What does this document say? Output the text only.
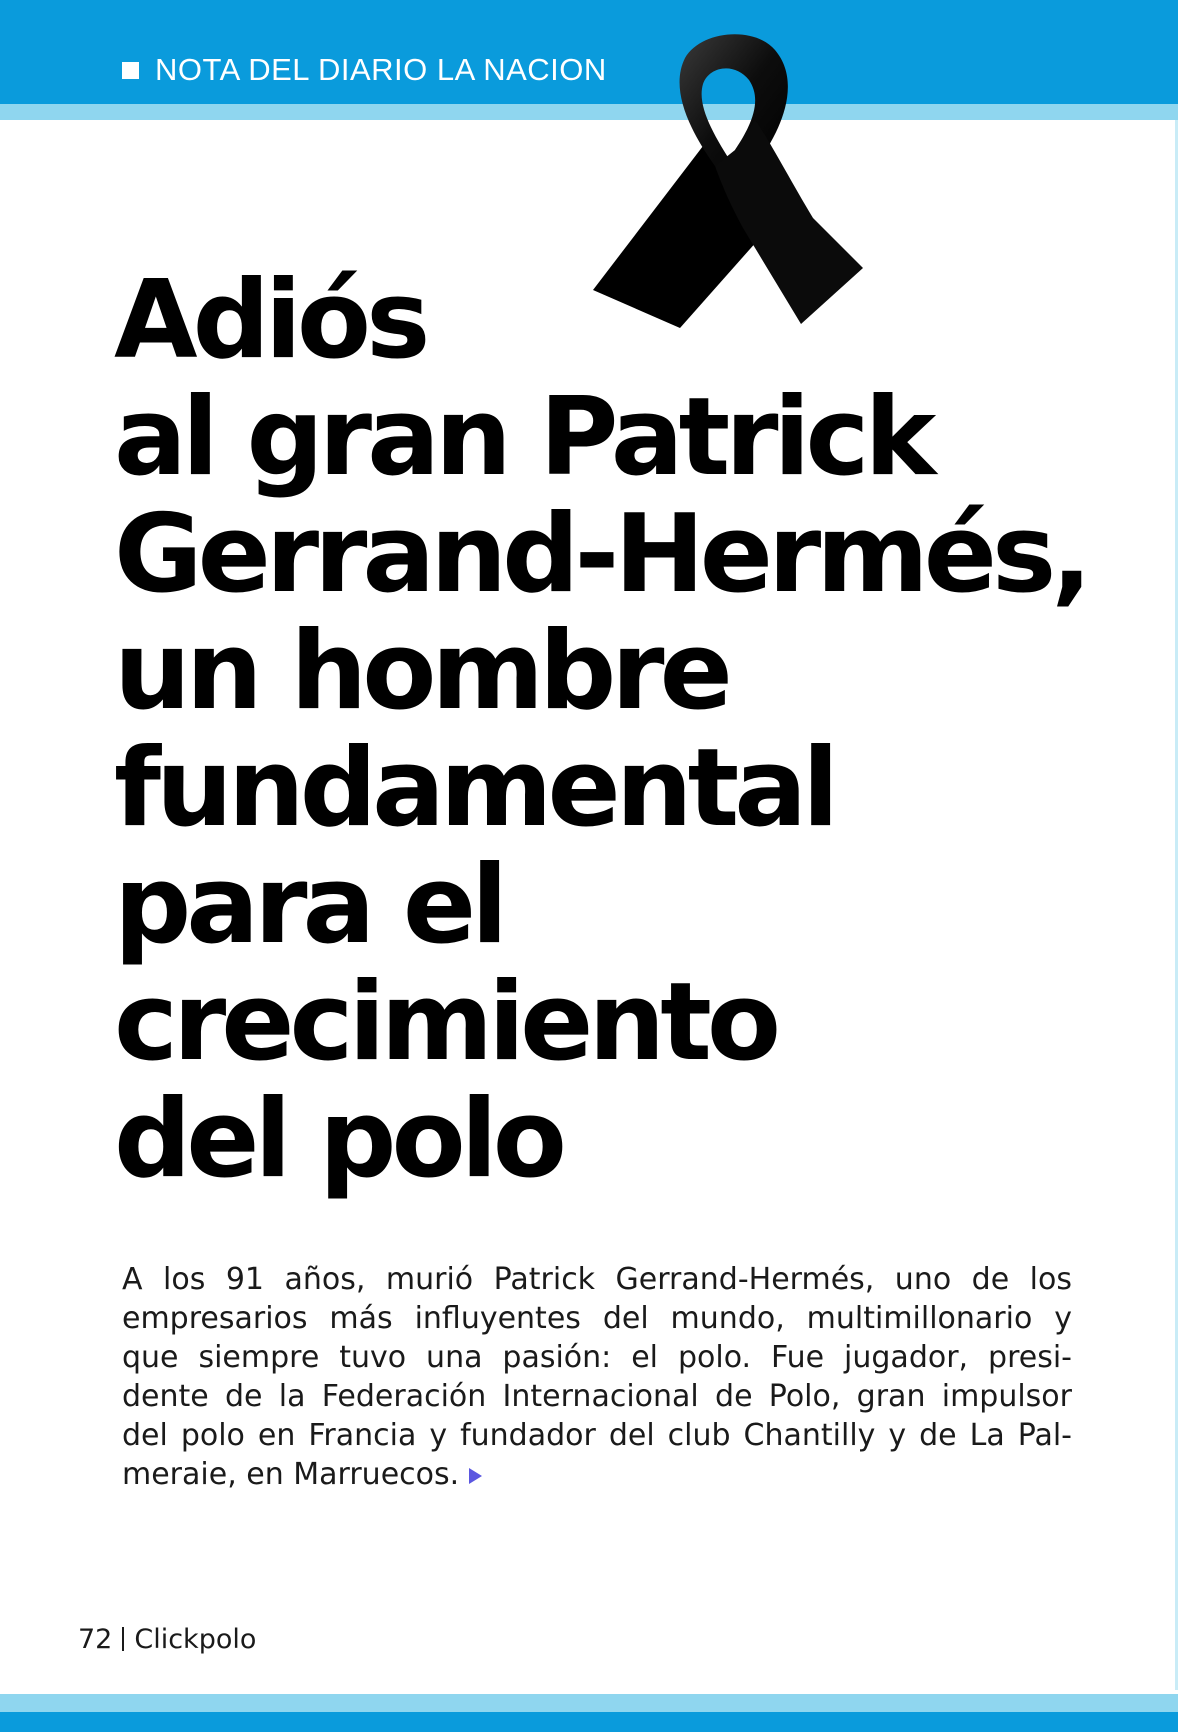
NOTA DEL DIARIO LA NACION
Adiós
al gran Patrick
Gerrand-Hermés,
un hombre
fundamental
para el
crecimiento
del polo
A los 91 años, murió Patrick Gerrand-Hermés, uno de los
empresarios más influyentes del mundo, multimillonario y
que siempre tuvo una pasión: el polo. Fue jugador, presi-
dente de la Federación Internacional de Polo, gran impulsor
del polo en Francia y fundador del club Chantilly y de La Pal-
meraie, en Marruecos.
72 Clickpolo
